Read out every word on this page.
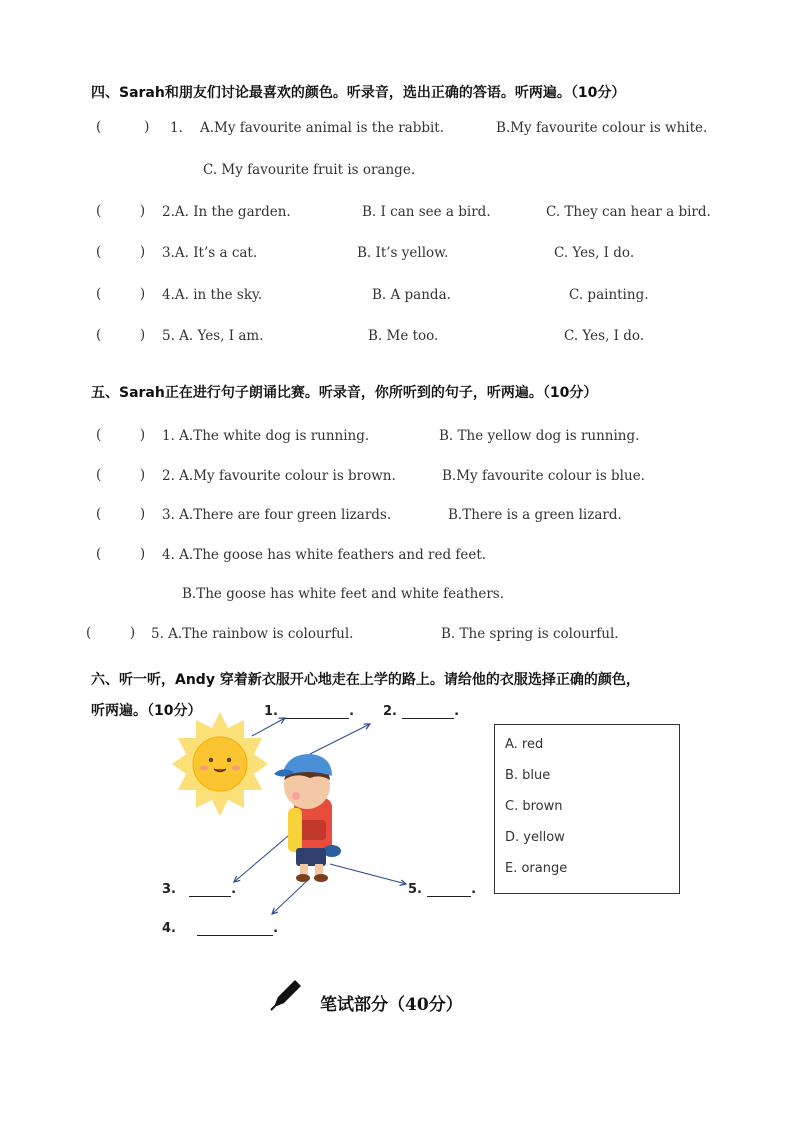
四、Sarah和朋友们讨论最喜欢的颜色。听录音，选出正确的答语。听两遍。（10分）
(          ) 1. A.My favourite animal is the rabbit.	B.My favourite colour is white.
C. My favourite fruit is orange.
(         ) 2.A. In the garden.	B. I can see a bird.	C. They can hear a bird.
(         ) 3.A. It’s a cat.	B. It’s yellow.	C. Yes, I do.
(         ) 4.A. in the sky.	B. A panda.	C. painting.
(         ) 5. A. Yes, I am.	B. Me too.	C. Yes, I do.
五、Sarah正在进行句子朗诵比赛。听录音，你所听到的句子，听两遍。（10分）
(         ) 1. A.The white dog is running.	B. The yellow dog is running.
(         ) 2. A.My favourite colour is brown.	B.My favourite colour is blue.
(         ) 3. A.There are four green lizards.	B.There is a green lizard.
(         ) 4. A.The goose has white feathers and red feet.
B.The goose has white feet and white feathers.
(         ) 5. A.The rainbow is colourful.	B. The spring is colourful.
六、听一听，Andy 穿着新衣服开心地走在上学的路上。请给他的衣服选择正确的颜色，
听两遍。（10分）	1.	. 2.	.
3.	.	5.	.
4.	.
A. red
B. blue
C. brown
D. yellow
E. orange
笔试部分（40分）
